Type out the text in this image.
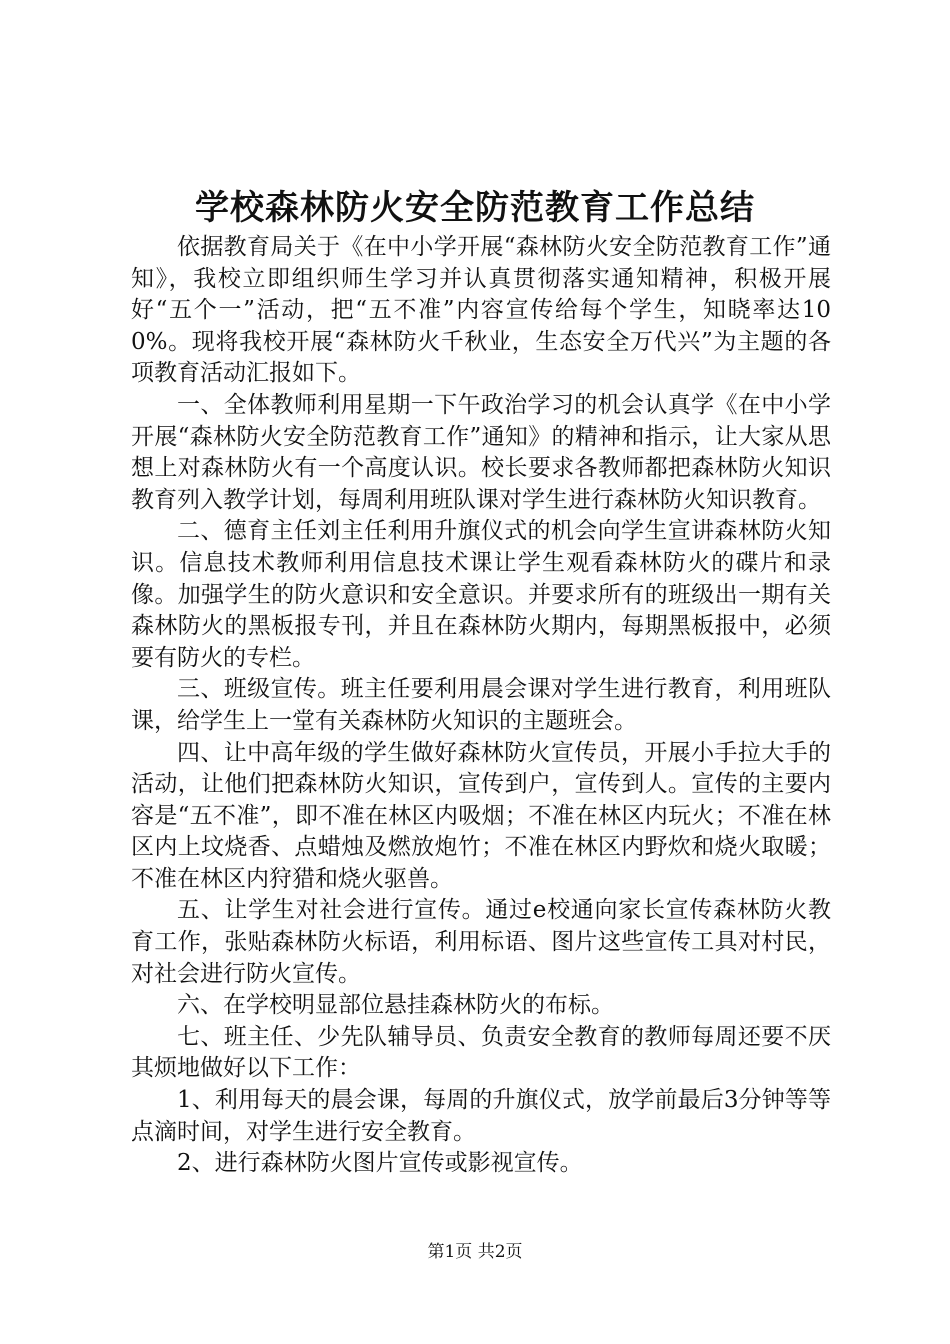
学校森林防火安全防范教育工作总结

依据教育局关于《在中小学开展“森林防火安全防范教育工作”通知》，我校立即组织师生学习并认真贯彻落实通知精神，积极开展好“五个一”活动，把“五不准”内容宣传给每个学生，知晓率达100%。现将我校开展“森林防火千秋业，生态安全万代兴”为主题的各项教育活动汇报如下。

一、全体教师利用星期一下午政治学习的机会认真学《在中小学开展“森林防火安全防范教育工作”通知》的精神和指示，让大家从思想上对森林防火有一个高度认识。校长要求各教师都把森林防火知识教育列入教学计划，每周利用班队课对学生进行森林防火知识教育。

二、德育主任刘主任利用升旗仪式的机会向学生宣讲森林防火知识。信息技术教师利用信息技术课让学生观看森林防火的碟片和录像。加强学生的防火意识和安全意识。并要求所有的班级出一期有关森林防火的黑板报专刊，并且在森林防火期内，每期黑板报中，必须要有防火的专栏。

三、班级宣传。班主任要利用晨会课对学生进行教育，利用班队课，给学生上一堂有关森林防火知识的主题班会。

四、让中高年级的学生做好森林防火宣传员，开展小手拉大手的活动，让他们把森林防火知识，宣传到户，宣传到人。宣传的主要内容是“五不准”，即不准在林区内吸烟；不准在林区内玩火；不准在林区内上坟烧香、点蜡烛及燃放炮竹；不准在林区内野炊和烧火取暖；不准在林区内狩猎和烧火驱兽。

五、让学生对社会进行宣传。通过e校通向家长宣传森林防火教育工作，张贴森林防火标语，利用标语、图片这些宣传工具对村民，对社会进行防火宣传。

六、在学校明显部位悬挂森林防火的布标。

七、班主任、少先队辅导员、负责安全教育的教师每周还要不厌其烦地做好以下工作：

1、利用每天的晨会课，每周的升旗仪式，放学前最后3分钟等等点滴时间，对学生进行安全教育。

2、进行森林防火图片宣传或影视宣传。

第1页 共2页
